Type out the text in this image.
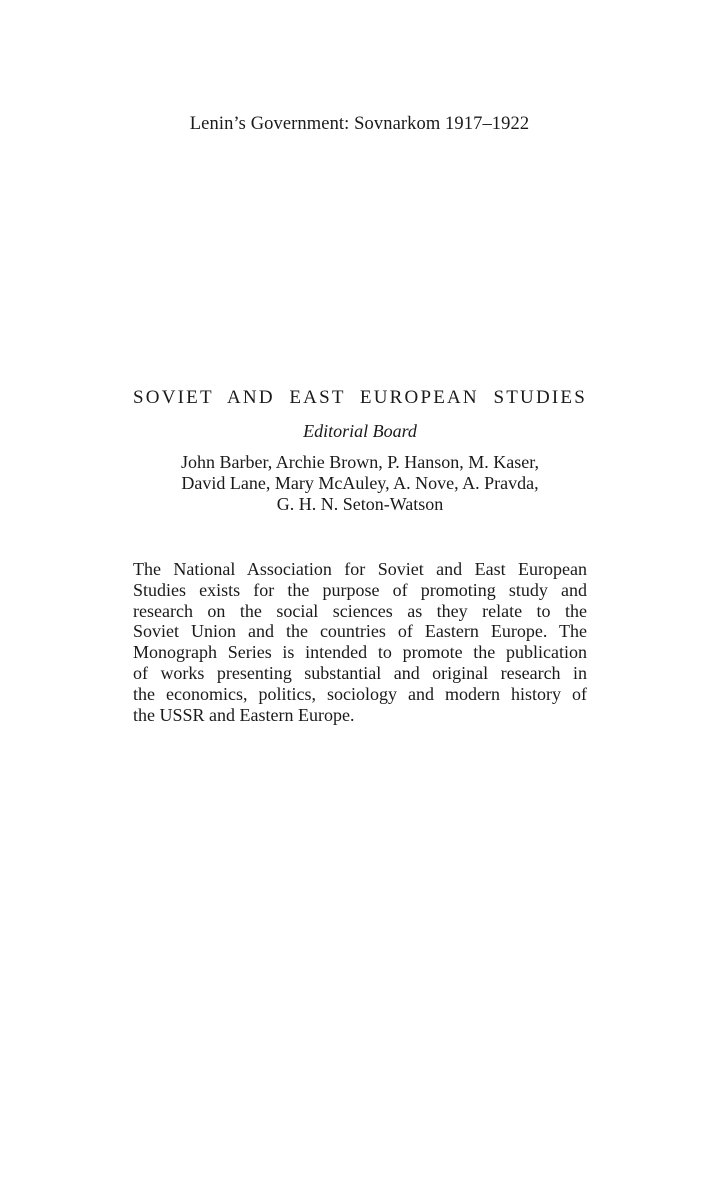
Lenin’s Government: Sovnarkom 1917–1922
SOVIET AND EAST EUROPEAN STUDIES
Editorial Board
John Barber, Archie Brown, P. Hanson, M. Kaser,
David Lane, Mary McAuley, A. Nove, A. Pravda,
G. H. N. Seton-Watson

The National Association for Soviet and East European
Studies exists for the purpose of promoting study and
research on the social sciences as they relate to the
Soviet Union and the countries of Eastern Europe. The
Monograph Series is intended to promote the publication
of works presenting substantial and original research in
the economics, politics, sociology and modern history of
the USSR and Eastern Europe.
